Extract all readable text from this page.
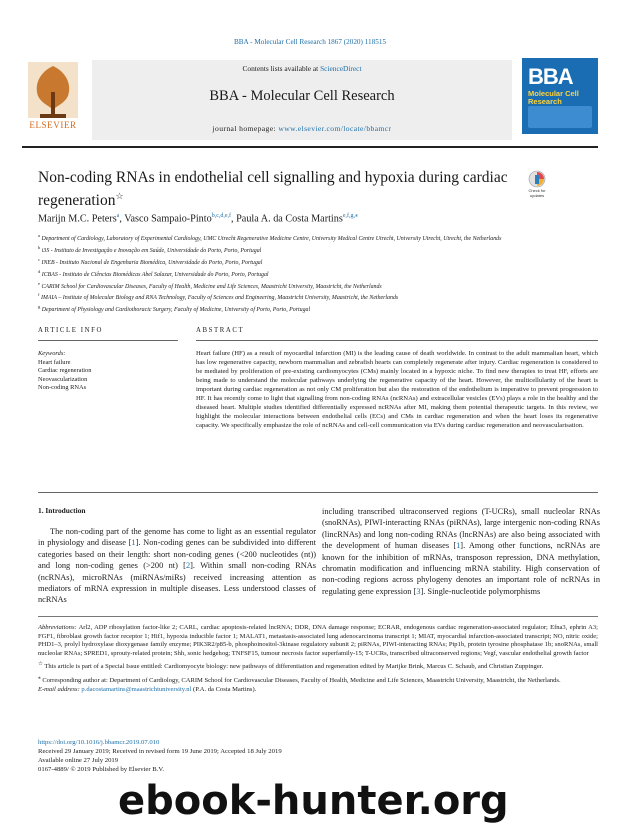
BBA - Molecular Cell Research 1867 (2020) 118515
ELSEVIER
Contents lists available at ScienceDirect
BBA - Molecular Cell Research
journal homepage: www.elsevier.com/locate/bbamcr
BBA
Molecular Cell Research
Non-coding RNAs in endothelial cell signalling and hypoxia during cardiac regeneration☆
Check for updates
Marijn M.C. Peters$^a$, Vasco Sampaio-Pinto$^{b,c,d,e,f}$, Paula A. da Costa Martins$^{e,f,g,⁎}$
$^a$ Department of Cardiology, Laboratory of Experimental Cardiology, UMC Utrecht Regenerative Medicine Centre, University Medical Centre Utrecht, University Utrecht, Utrecht, the Netherlands
$^b$ i3S - Instituto de Investigação e Inovação em Saúde, Universidade do Porto, Porto, Portugal
$^c$ INEB - Instituto Nacional de Engenharia Biomédica, Universidade do Porto, Porto, Portugal
$^d$ ICBAS - Instituto de Ciências Biomédicas Abel Salazar, Universidade do Porto, Porto, Portugal
$^e$ CARIM School for Cardiovascular Diseases, Faculty of Health, Medicine and Life Sciences, Maastricht University, Maastricht, the Netherlands
$^f$ IMAIA – Institute of Molecular Biology and RNA Technology, Faculty of Sciences and Engineering, Maastricht University, Maastricht, the Netherlands
$^g$ Department of Physiology and Cardiothoracic Surgery, Faculty of Medicine, University of Porto, Porto, Portugal
ARTICLE INFO	ABSTRACT
Keywords:
Heart failure
Cardiac regeneration
Neovascularization
Non-coding RNAs
Heart failure (HF) as a result of myocardial infarction (MI) is the leading cause of death worldwide. In contrast to the adult mammalian heart, which has low regenerative capacity, newborn mammalian and zebrafish hearts can completely regenerate after injury. Cardiac regeneration is considered to be mediated by proliferation of pre-existing cardiomyocytes (CMs) mainly located in a hypoxic niche. To find new therapies to treat HF, efforts are being made to understand the molecular pathways underlying the regenerative capacity of the heart. However, the multicellularity of the heart is important during cardiac regeneration as not only CM proliferation but also the restoration of the endothelium is imperative to prevent progression to HF. It has recently come to light that signalling from non-coding RNAs (ncRNAs) and extracellular vesicles (EVs) plays a role in the healthy and the diseased heart. Multiple studies identified differentially expressed ncRNAs after MI, making them potential therapeutic targets. In this review, we highlight the molecular interactions between endothelial cells (ECs) and CMs in cardiac regeneration and when the heart loses its regenerative capacity. We specifically emphasize the role of ncRNAs and cell-cell communication via EVs during cardiac regeneration and neovascularisation.
1. Introduction
The non-coding part of the genome has come to light as an essential regulator in physiology and disease [1]. Non-coding genes can be subdivided into different categories based on their length: short non-coding genes (<200 nucleotides (nt)) and long non-coding genes (>200 nt) [2]. Within small non-coding RNAs (ncRNAs), microRNAs (miRNAs/miRs) received increasing attention as mediators of mRNA expression in multiple diseases. Less understood classes of ncRNAs
including transcribed ultraconserved regions (T-UCRs), small nucleolar RNAs (snoRNAs), PIWI-interacting RNAs (piRNAs), large intergenic non-coding RNAs (lincRNAs) and long non-coding RNAs (lncRNAs) are also being associated with the development of human diseases [1]. Among other functions, ncRNAs are known for the inhibition of mRNAs, transposon repression, DNA methylation, chromatin modification and influencing mRNA stability. High conservation of non-coding regions across phylogeny denotes an important role of ncRNAs in regulating gene expression [3]. Single-nucleotide polymorphisms

Abbreviations: Arl2, ADP ribosylation factor-like 2; CARL, cardiac apoptosis-related lncRNA; DDR, DNA damage response; ECRAR, endogenous cardiac regeneration-associated regulator; Efna3, ephrin A3; FGF1, fibroblast growth factor receptor 1; Hif1, hypoxia inducible factor 1; MALAT1, metastasis-associated lung adenocarcinoma transcript 1; MIAT, myocardial infarction-associated transcript; NO, nitric oxide; PHD1–3, prolyl hydroxylase dioxygenase family enzyme; PIK3R2/p85-b, phosphoinositol-3kinase regulatory subunit 2; piRNAs, PIWI-interacting RNAs; Ptp1b, protein tyrosine phosphatase 1b; snoRNAs, small nucleolar RNAs; SPRED1, sprouty-related protein; Shh, sonic hedgehog; TNFSF15, tumour necrosis factor superfamily-15; T-UCRs, transcribed ultraconserved regions; Vegf, vascular endothelial growth factor

☆ This article is part of a Special Issue entitled: Cardiomyocyte biology: new pathways of differentiation and regeneration edited by Marijke Brink, Marcus C. Schaub, and Christian Zuppinger.

⁎ Corresponding author at: Department of Cardiology, CARIM School for Cardiovascular Diseases, Faculty of Health, Medicine and Life Sciences, Maastricht University, Maastricht, the Netherlands.

E-mail address: p.dacostamartins@maastrichtuniversity.nl (P.A. da Costa Martins).

https://doi.org/10.1016/j.bbamcr.2019.07.010
Received 29 January 2019; Received in revised form 19 June 2019; Accepted 18 July 2019
Available online 27 July 2019
0167-4889/ © 2019 Published by Elsevier B.V.
ebook-hunter.org
